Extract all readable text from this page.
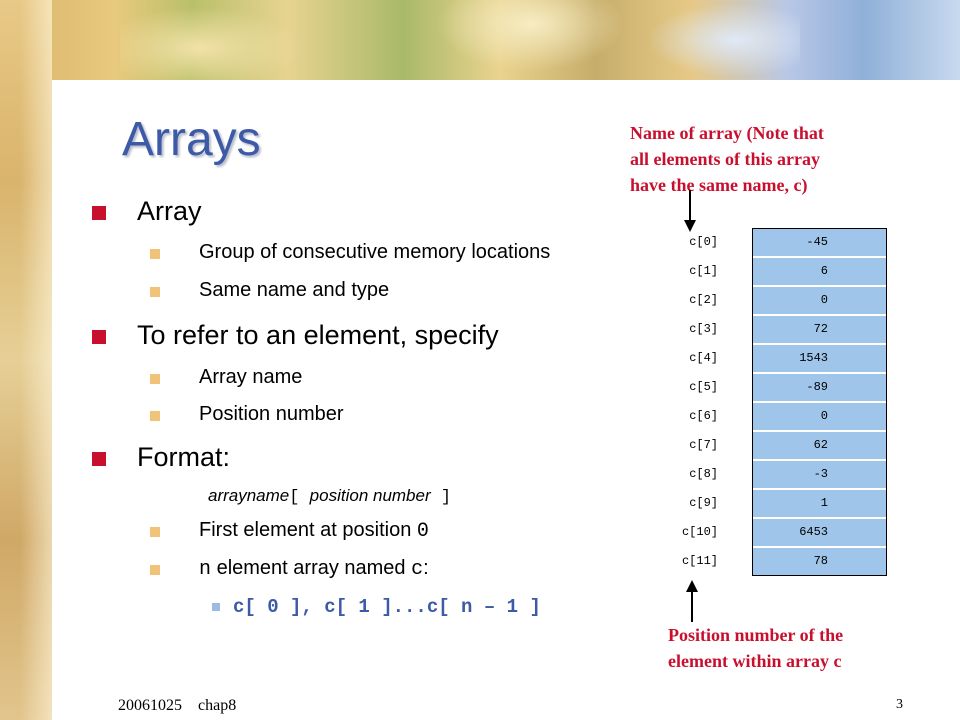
Arrays
Array
Group of consecutive memory locations
Same name and type
To refer to an element, specify
Array name
Position number
Format:
arrayname[ position number ]
First element at position 0
n element array named c:
c[ 0 ], c[ 1 ]...c[ n – 1 ]
Name of array (Note that
all elements of this array
have the same name, c)
Position number of the
element within array c
c[0]	-45
c[1]	6
c[2]	0
c[3]	72
c[4]	1543
c[5]	-89
c[6]	0
c[7]	62
c[8]	-3
c[9]	1
c[10]	6453
c[11]	78
20061025    chap8	3
